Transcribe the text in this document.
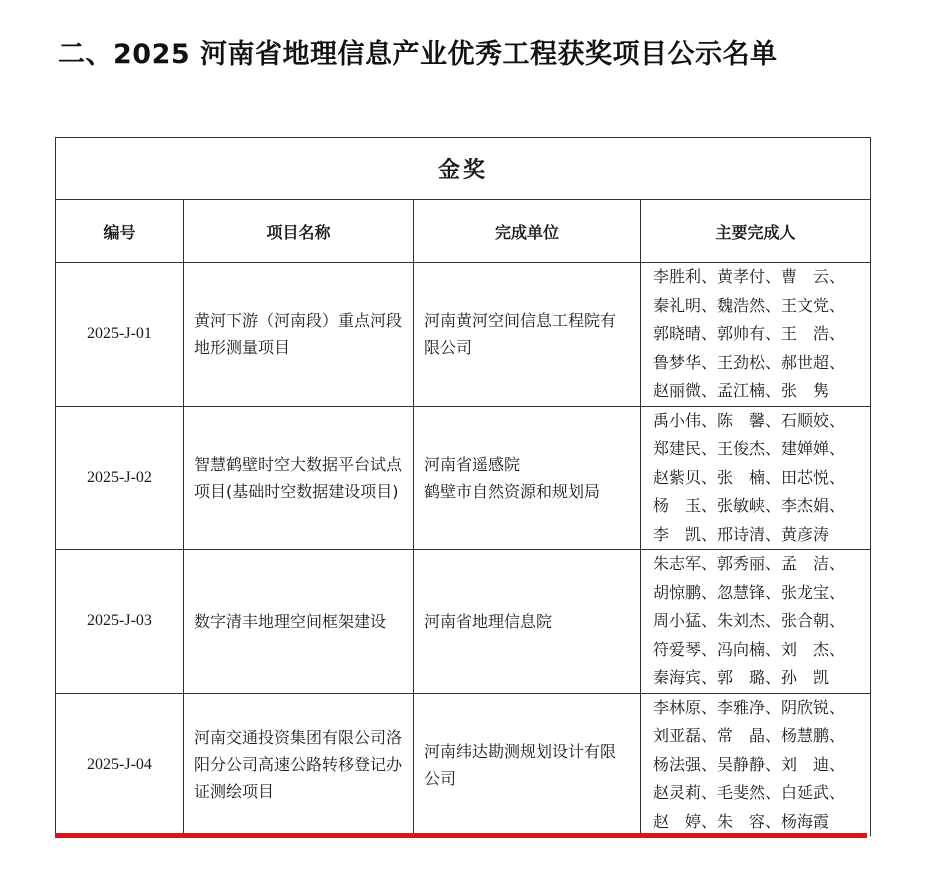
二、2025 河南省地理信息产业优秀工程获奖项目公示名单
金奖			
编号	项目名称	完成单位	主要完成人
2025-J-01	黄河下游（河南段）重点河段地形测量项目	河南黄河空间信息工程院有限公司	李胜利、黄孝付、曹　云、
秦礼明、魏浩然、王文党、
郭晓晴、郭帅有、王　浩、
鲁梦华、王劲松、郝世超、
赵丽微、孟江楠、张　隽

2025-J-02	智慧鹤壁时空大数据平台试点项目(基础时空数据建设项目)	河南省遥感院
鹤壁市自然资源和规划局	禹小伟、陈　馨、石顺姣、
郑建民、王俊杰、建婵婵、
赵紫贝、张　楠、田芯悦、
杨　玉、张敏峡、李杰娟、
李　凯、邢诗清、黄彦涛

2025-J-03	数字清丰地理空间框架建设	河南省地理信息院	朱志军、郭秀丽、孟　洁、
胡惊鹏、忽慧锋、张龙宝、
周小猛、朱刘杰、张合朝、
符爱琴、冯向楠、刘　杰、
秦海宾、郭　璐、孙　凯

2025-J-04	河南交通投资集团有限公司洛阳分公司高速公路转移登记办证测绘项目	河南纬达勘测规划设计有限公司	李林原、李雅净、阴欣锐、
刘亚磊、常　晶、杨慧鹏、
杨法强、吴静静、刘　迪、
赵灵莉、毛斐然、白延武、
赵　婷、朱　容、杨海霞
